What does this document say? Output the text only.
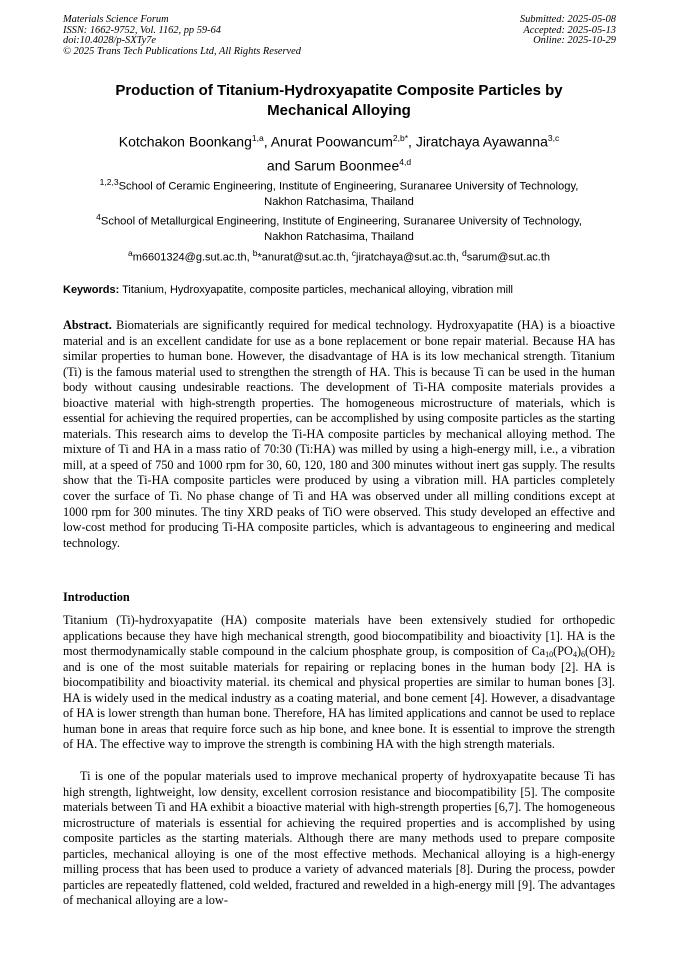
Materials Science Forum
ISSN: 1662-9752, Vol. 1162, pp 59-64
doi:10.4028/p-SXTy7e
© 2025 Trans Tech Publications Ltd, All Rights Reserved
Submitted: 2025-05-08
Accepted: 2025-05-13
Online: 2025-10-29
Production of Titanium-Hydroxyapatite Composite Particles by
Mechanical Alloying

Kotchakon Boonkang$^{1,a}$, Anurat Poowancum$^{2,b*}$, Jiratchaya Ayawanna$^{3,c}$
and Sarum Boonmee$^{4,d}$

$^{1,2,3}$School of Ceramic Engineering, Institute of Engineering, Suranaree University of Technology,
Nakhon Ratchasima, Thailand

$^4$School of Metallurgical Engineering, Institute of Engineering, Suranaree University of Technology,
Nakhon Ratchasima, Thailand

$^a$m6601324@g.sut.ac.th, $^b$*anurat@sut.ac.th, $^c$jiratchaya@sut.ac.th, $^d$sarum@sut.ac.th

Keywords: Titanium, Hydroxyapatite, composite particles, mechanical alloying, vibration mill

Abstract. Biomaterials are significantly required for medical technology. Hydroxyapatite (HA) is a bioactive material and is an excellent candidate for use as a bone replacement or bone repair material. Because HA has similar properties to human bone. However, the disadvantage of HA is its low mechanical strength. Titanium (Ti) is the famous material used to strengthen the strength of HA. This is because Ti can be used in the human body without causing undesirable reactions. The development of Ti-HA composite materials provides a bioactive material with high-strength properties. The homogeneous microstructure of materials, which is essential for achieving the required properties, can be accomplished by using composite particles as the starting materials. This research aims to develop the Ti-HA composite particles by mechanical alloying method. The mixture of Ti and HA in a mass ratio of 70:30 (Ti:HA) was milled by using a high-energy mill, i.e., a vibration mill, at a speed of 750 and 1000 rpm for 30, 60, 120, 180 and 300 minutes without inert gas supply. The results show that the Ti-HA composite particles were produced by using a vibration mill. HA particles completely cover the surface of Ti. No phase change of Ti and HA was observed under all milling conditions except at 1000 rpm for 300 minutes. The tiny XRD peaks of TiO were observed. This study developed an effective and low-cost method for producing Ti-HA composite particles, which is advantageous to engineering and medical technology.

Introduction

Titanium (Ti)-hydroxyapatite (HA) composite materials have been extensively studied for orthopedic applications because they have high mechanical strength, good biocompatibility and bioactivity [1]. HA is the most thermodynamically stable compound in the calcium phosphate group, is composition of $Ca_{10}(PO_4)_6(OH)_2$ and is one of the most suitable materials for repairing or replacing bones in the human body [2]. HA is biocompatibility and bioactivity material. its chemical and physical properties are similar to human bones [3]. HA is widely used in the medical industry as a coating material, and bone cement [4]. However, a disadvantage of HA is lower strength than human bone. Therefore, HA has limited applications and cannot be used to replace human bone in areas that require force such as hip bone, and knee bone. It is essential to improve the strength of HA. The effective way to improve the strength is combining HA with the high strength materials.

Ti is one of the popular materials used to improve mechanical property of hydroxyapatite because Ti has high strength, lightweight, low density, excellent corrosion resistance and biocompatibility [5]. The composite materials between Ti and HA exhibit a bioactive material with high-strength properties [6,7]. The homogeneous microstructure of materials is essential for achieving the required properties and is accomplished by using composite particles as the starting materials. Although there are many methods used to prepare composite particles, mechanical alloying is one of the most effective methods. Mechanical alloying is a high-energy milling process that has been used to produce a variety of advanced materials [8]. During the process, powder particles are repeatedly flattened, cold welded, fractured and rewelded in a high-energy mill [9]. The advantages of mechanical alloying are a low-
